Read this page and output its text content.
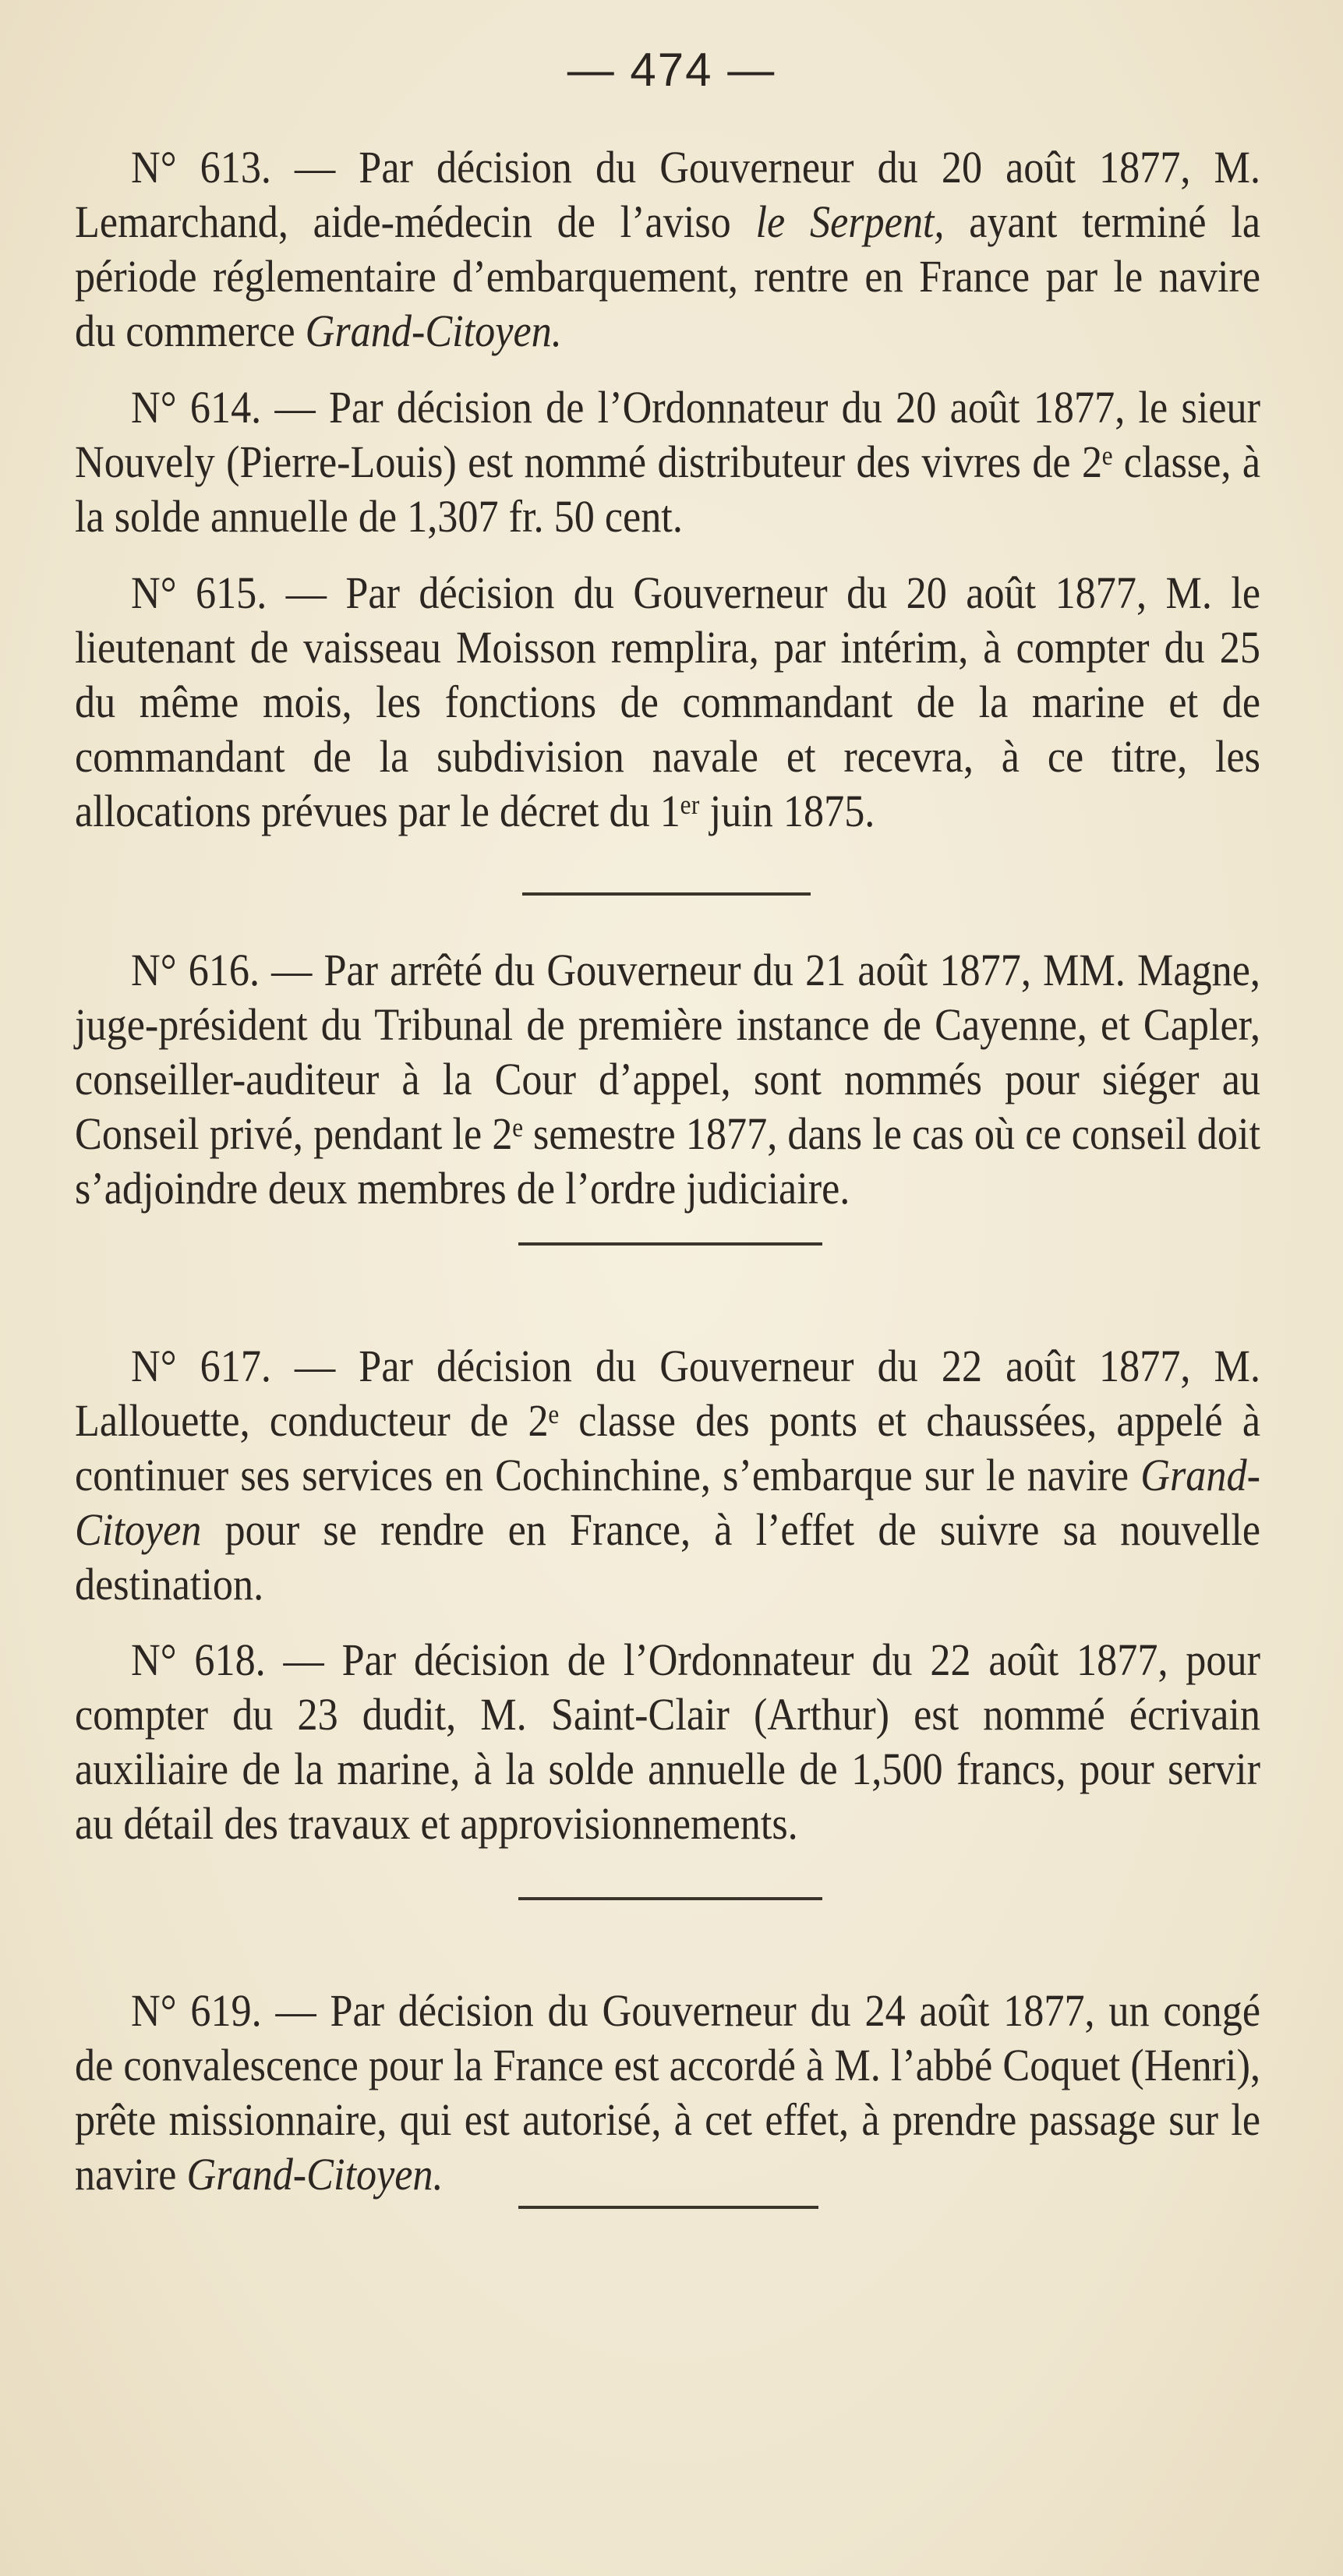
— 474 —

N° 613. — Par décision du Gouverneur du 20 août 1877, M. Lemarchand, aide-médecin de l’aviso le Serpent, ayant terminé la période réglementaire d’embarquement, rentre en France par le navire du commerce Grand-Citoyen.

N° 614. — Par décision de l’Ordonnateur du 20 août 1877, le sieur Nouvely (Pierre-Louis) est nommé distributeur des vivres de 2ᵉ classe, à la solde annuelle de 1,307 fr. 50 cent.

N° 615. — Par décision du Gouverneur du 20 août 1877, M. le lieutenant de vaisseau Moisson remplira, par intérim, à compter du 25 du même mois, les fonctions de commandant de la marine et de commandant de la subdivision navale et recevra, à ce titre, les allocations prévues par le décret du 1ᵉʳ juin 1875.

N° 616. — Par arrêté du Gouverneur du 21 août 1877, MM. Magne, juge-président du Tribunal de première instance de Cayenne, et Capler, conseiller-auditeur à la Cour d’appel, sont nommés pour siéger au Conseil privé, pendant le 2ᵉ semestre 1877, dans le cas où ce conseil doit s’adjoindre deux membres de l’ordre judiciaire.

N° 617. — Par décision du Gouverneur du 22 août 1877, M. Lallouette, conducteur de 2ᵉ classe des ponts et chaussées, appelé à continuer ses services en Cochinchine, s’embarque sur le navire Grand-Citoyen pour se rendre en France, à l’effet de suivre sa nouvelle destination.

N° 618. — Par décision de l’Ordonnateur du 22 août 1877, pour compter du 23 dudit, M. Saint-Clair (Arthur) est nommé écrivain auxiliaire de la marine, à la solde annuelle de 1,500 francs, pour servir au détail des travaux et approvisionnements.

N° 619. — Par décision du Gouverneur du 24 août 1877, un congé de convalescence pour la France est accordé à M. l’abbé Coquet (Henri), prête missionnaire, qui est autorisé, à cet effet, à prendre passage sur le navire Grand-Citoyen.
